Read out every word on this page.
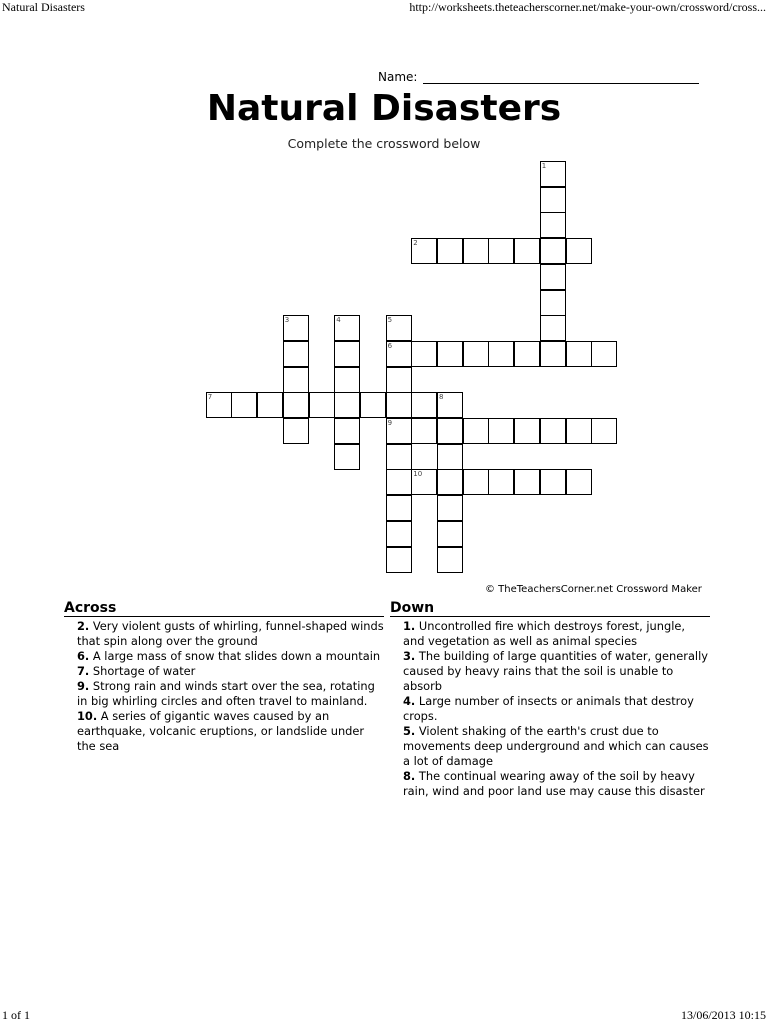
Natural Disasters	http://worksheets.theteacherscorner.net/make-your-own/crossword/cross...
Name:
Natural Disasters
Complete the crossword below
1
2
3	4	5
6
9
7	8
10
© TheTeachersCorner.net Crossword Maker
Across
2. Very violent gusts of whirling, funnel-shaped winds that spin along over the ground
6. A large mass of snow that slides down a mountain
7. Shortage of water
9. Strong rain and winds start over the sea, rotating in big whirling circles and often travel to mainland.
10. A series of gigantic waves caused by an earthquake, volcanic eruptions, or landslide under the sea
Down
1. Uncontrolled fire which destroys forest, jungle, and vegetation as well as animal species
3. The building of large quantities of water, generally caused by heavy rains that the soil is unable to absorb
4. Large number of insects or animals that destroy crops.
5. Violent shaking of the earth's crust due to movements deep underground and which can causes a lot of damage
8. The continual wearing away of the soil by heavy rain, wind and poor land use may cause this disaster
1 of 1	13/06/2013 10:15
